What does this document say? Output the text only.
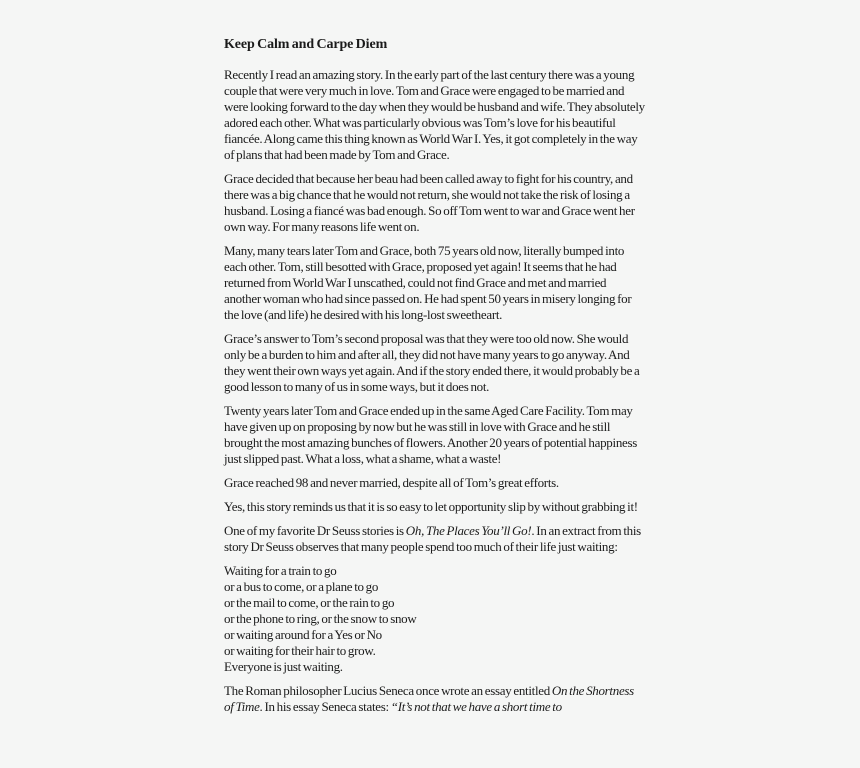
Keep Calm and Carpe Diem

Recently I read an amazing story. In the early part of the last century there was a young couple that were very much in love. Tom and Grace were engaged to be married and were looking forward to the day when they would be husband and wife. They absolutely adored each other. What was particularly obvious was Tom’s love for his beautiful fiancée. Along came this thing known as World War I. Yes, it got completely in the way of plans that had been made by Tom and Grace.

Grace decided that because her beau had been called away to fight for his country, and there was a big chance that he would not return, she would not take the risk of losing a husband. Losing a fiancé was bad enough. So off Tom went to war and Grace went her own way. For many reasons life went on.

Many, many tears later Tom and Grace, both 75 years old now, literally bumped into each other. Tom, still besotted with Grace, proposed yet again! It seems that he had returned from World War I unscathed, could not find Grace and met and married another woman who had since passed on. He had spent 50 years in misery longing for the love (and life) he desired with his long-lost sweetheart.

Grace’s answer to Tom’s second proposal was that they were too old now. She would only be a burden to him and after all, they did not have many years to go anyway. And they went their own ways yet again. And if the story ended there, it would probably be a good lesson to many of us in some ways, but it does not.

Twenty years later Tom and Grace ended up in the same Aged Care Facility. Tom may have given up on proposing by now but he was still in love with Grace and he still brought the most amazing bunches of flowers. Another 20 years of potential happiness just slipped past. What a loss, what a shame, what a waste!

Grace reached 98 and never married, despite all of Tom’s great efforts.

Yes, this story reminds us that it is so easy to let opportunity slip by without grabbing it!

One of my favorite Dr Seuss stories is Oh, The Places You’ll Go!. In an extract from this story Dr Seuss observes that many people spend too much of their life just waiting:

Waiting for a train to go
or a bus to come, or a plane to go
or the mail to come, or the rain to go
or the phone to ring, or the snow to snow
or waiting around for a Yes or No
or waiting for their hair to grow.
Everyone is just waiting.

The Roman philosopher Lucius Seneca once wrote an essay entitled On the Shortness of Time. In his essay Seneca states: “It’s not that we have a short time to
